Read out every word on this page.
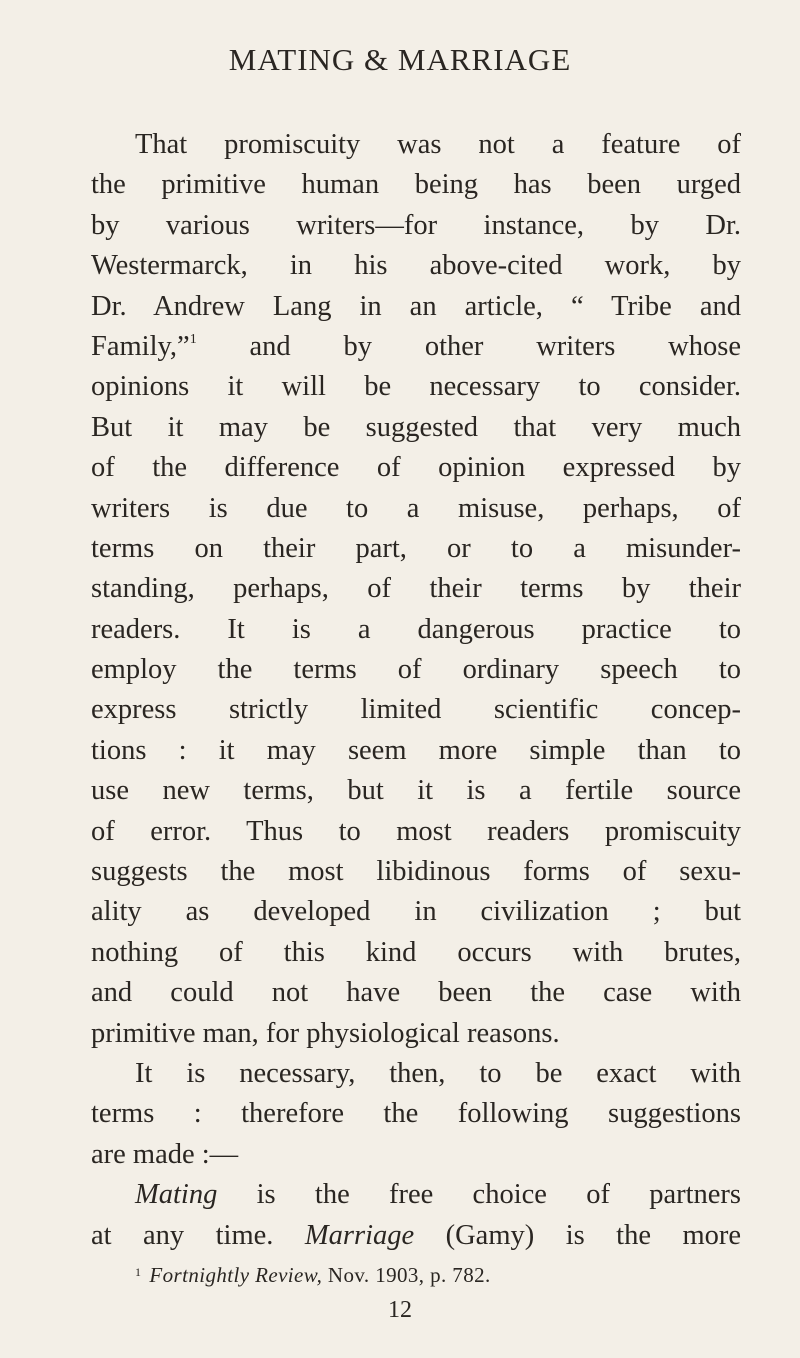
MATING & MARRIAGE
That promiscuity was not a feature of
the primitive human being has been urged
by various writers—for instance, by Dr.
Westermarck, in his above-cited work, by
Dr. Andrew Lang in an article, “ Tribe and
Family,”$^1$ and by other writers whose
opinions it will be necessary to consider.
But it may be suggested that very much
of the difference of opinion expressed by
writers is due to a misuse, perhaps, of
terms on their part, or to a misunder-
standing, perhaps, of their terms by their
readers. It is a dangerous practice to
employ the terms of ordinary speech to
express strictly limited scientific concep-
tions : it may seem more simple than to
use new terms, but it is a fertile source
of error. Thus to most readers promiscuity
suggests the most libidinous forms of sexu-
ality as developed in civilization ; but
nothing of this kind occurs with brutes,
and could not have been the case with
primitive man, for physiological reasons.
It is necessary, then, to be exact with
terms : therefore the following suggestions
are made :—
Mating is the free choice of partners
at any time. Marriage (Gamy) is the more
$^1$ Fortnightly Review, Nov. 1903, p. 782.
12
